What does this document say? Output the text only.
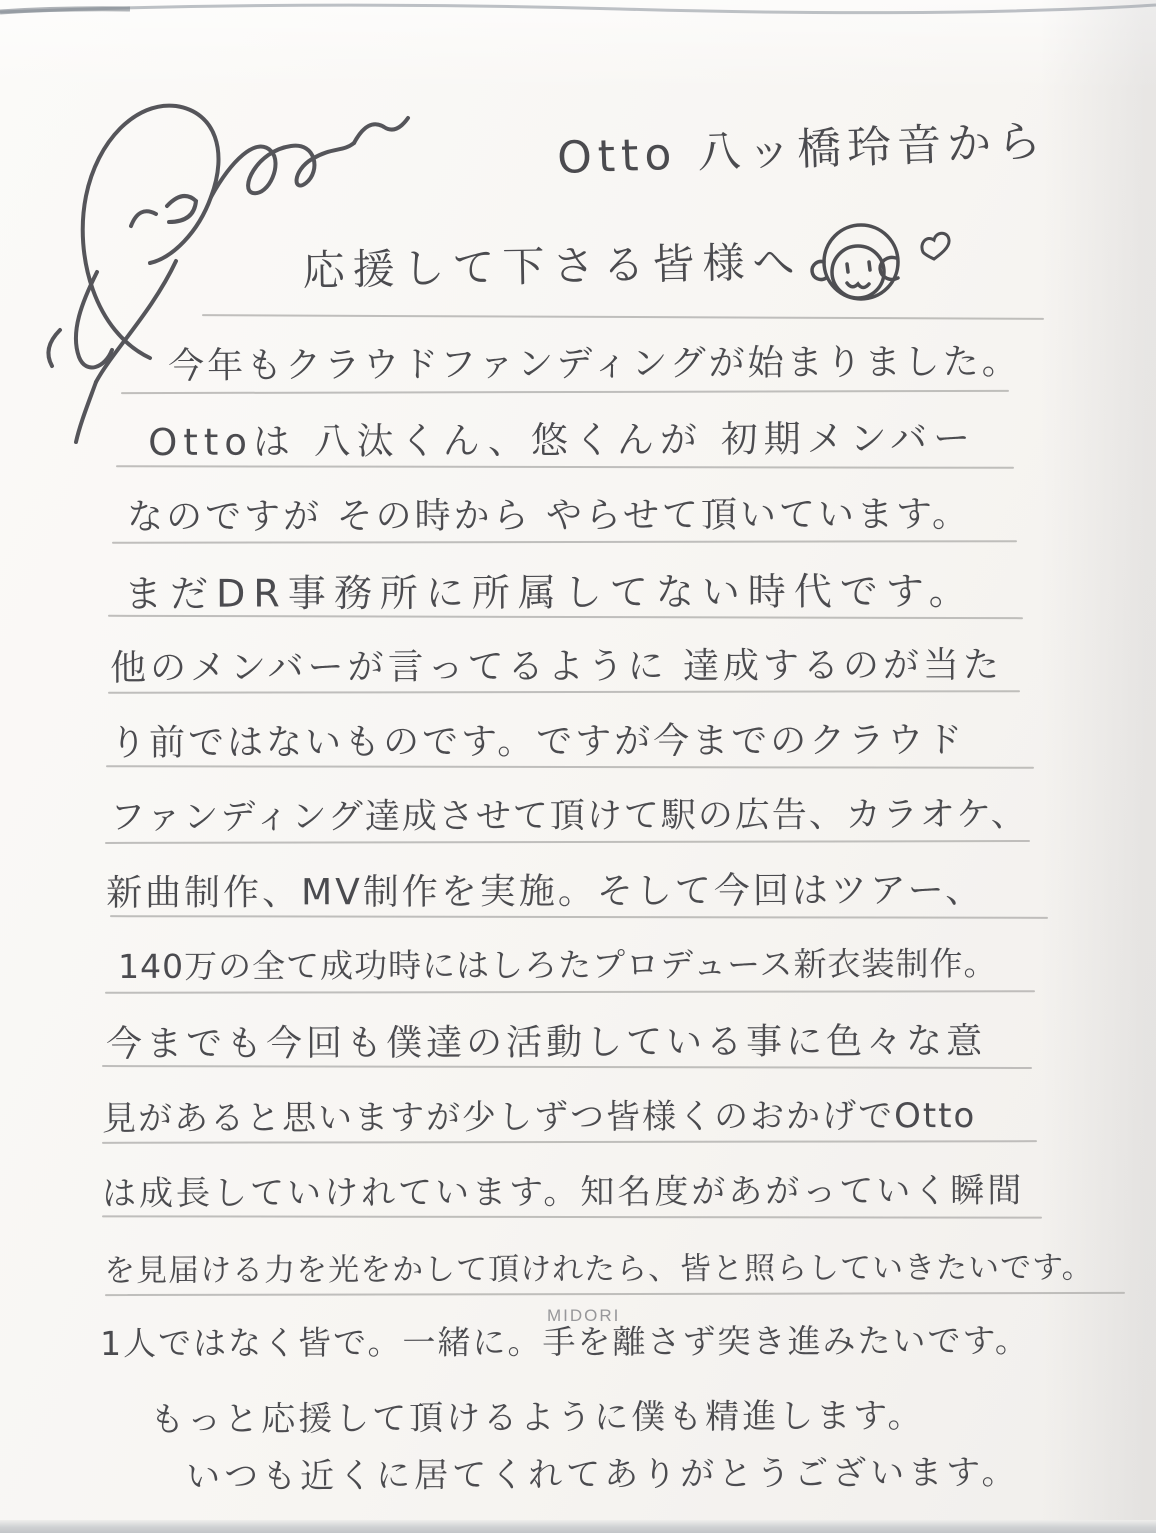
Otto 八ッ橋玲音から
応援して下さる皆様へ
今年もクラウドファンディングが始まりました。
Ottoは 八汰くん、悠くんが 初期メンバー
なのですが その時から やらせて頂いています。
まだDR事務所に所属してない時代です。
他のメンバーが言ってるように 達成するのが当た
り前ではないものです。ですが今までのクラウド
ファンディング達成させて頂けて駅の広告、カラオケ、
新曲制作、MV制作を実施。そして今回はツアー、
140万の全て成功時にはしろたプロデュース新衣装制作。
今までも今回も僕達の活動している事に色々な意
見があると思いますが少しずつ皆様くのおかげでOtto
は成長していけれています。知名度があがっていく瞬間
を見届ける力を光をかして頂けれたら、皆と照らしていきたいです。
1人ではなく皆で。一緒に。手を離さず突き進みたいです。
もっと応援して頂けるように僕も精進します。
いつも近くに居てくれてありがとうございます。
MIDORI
